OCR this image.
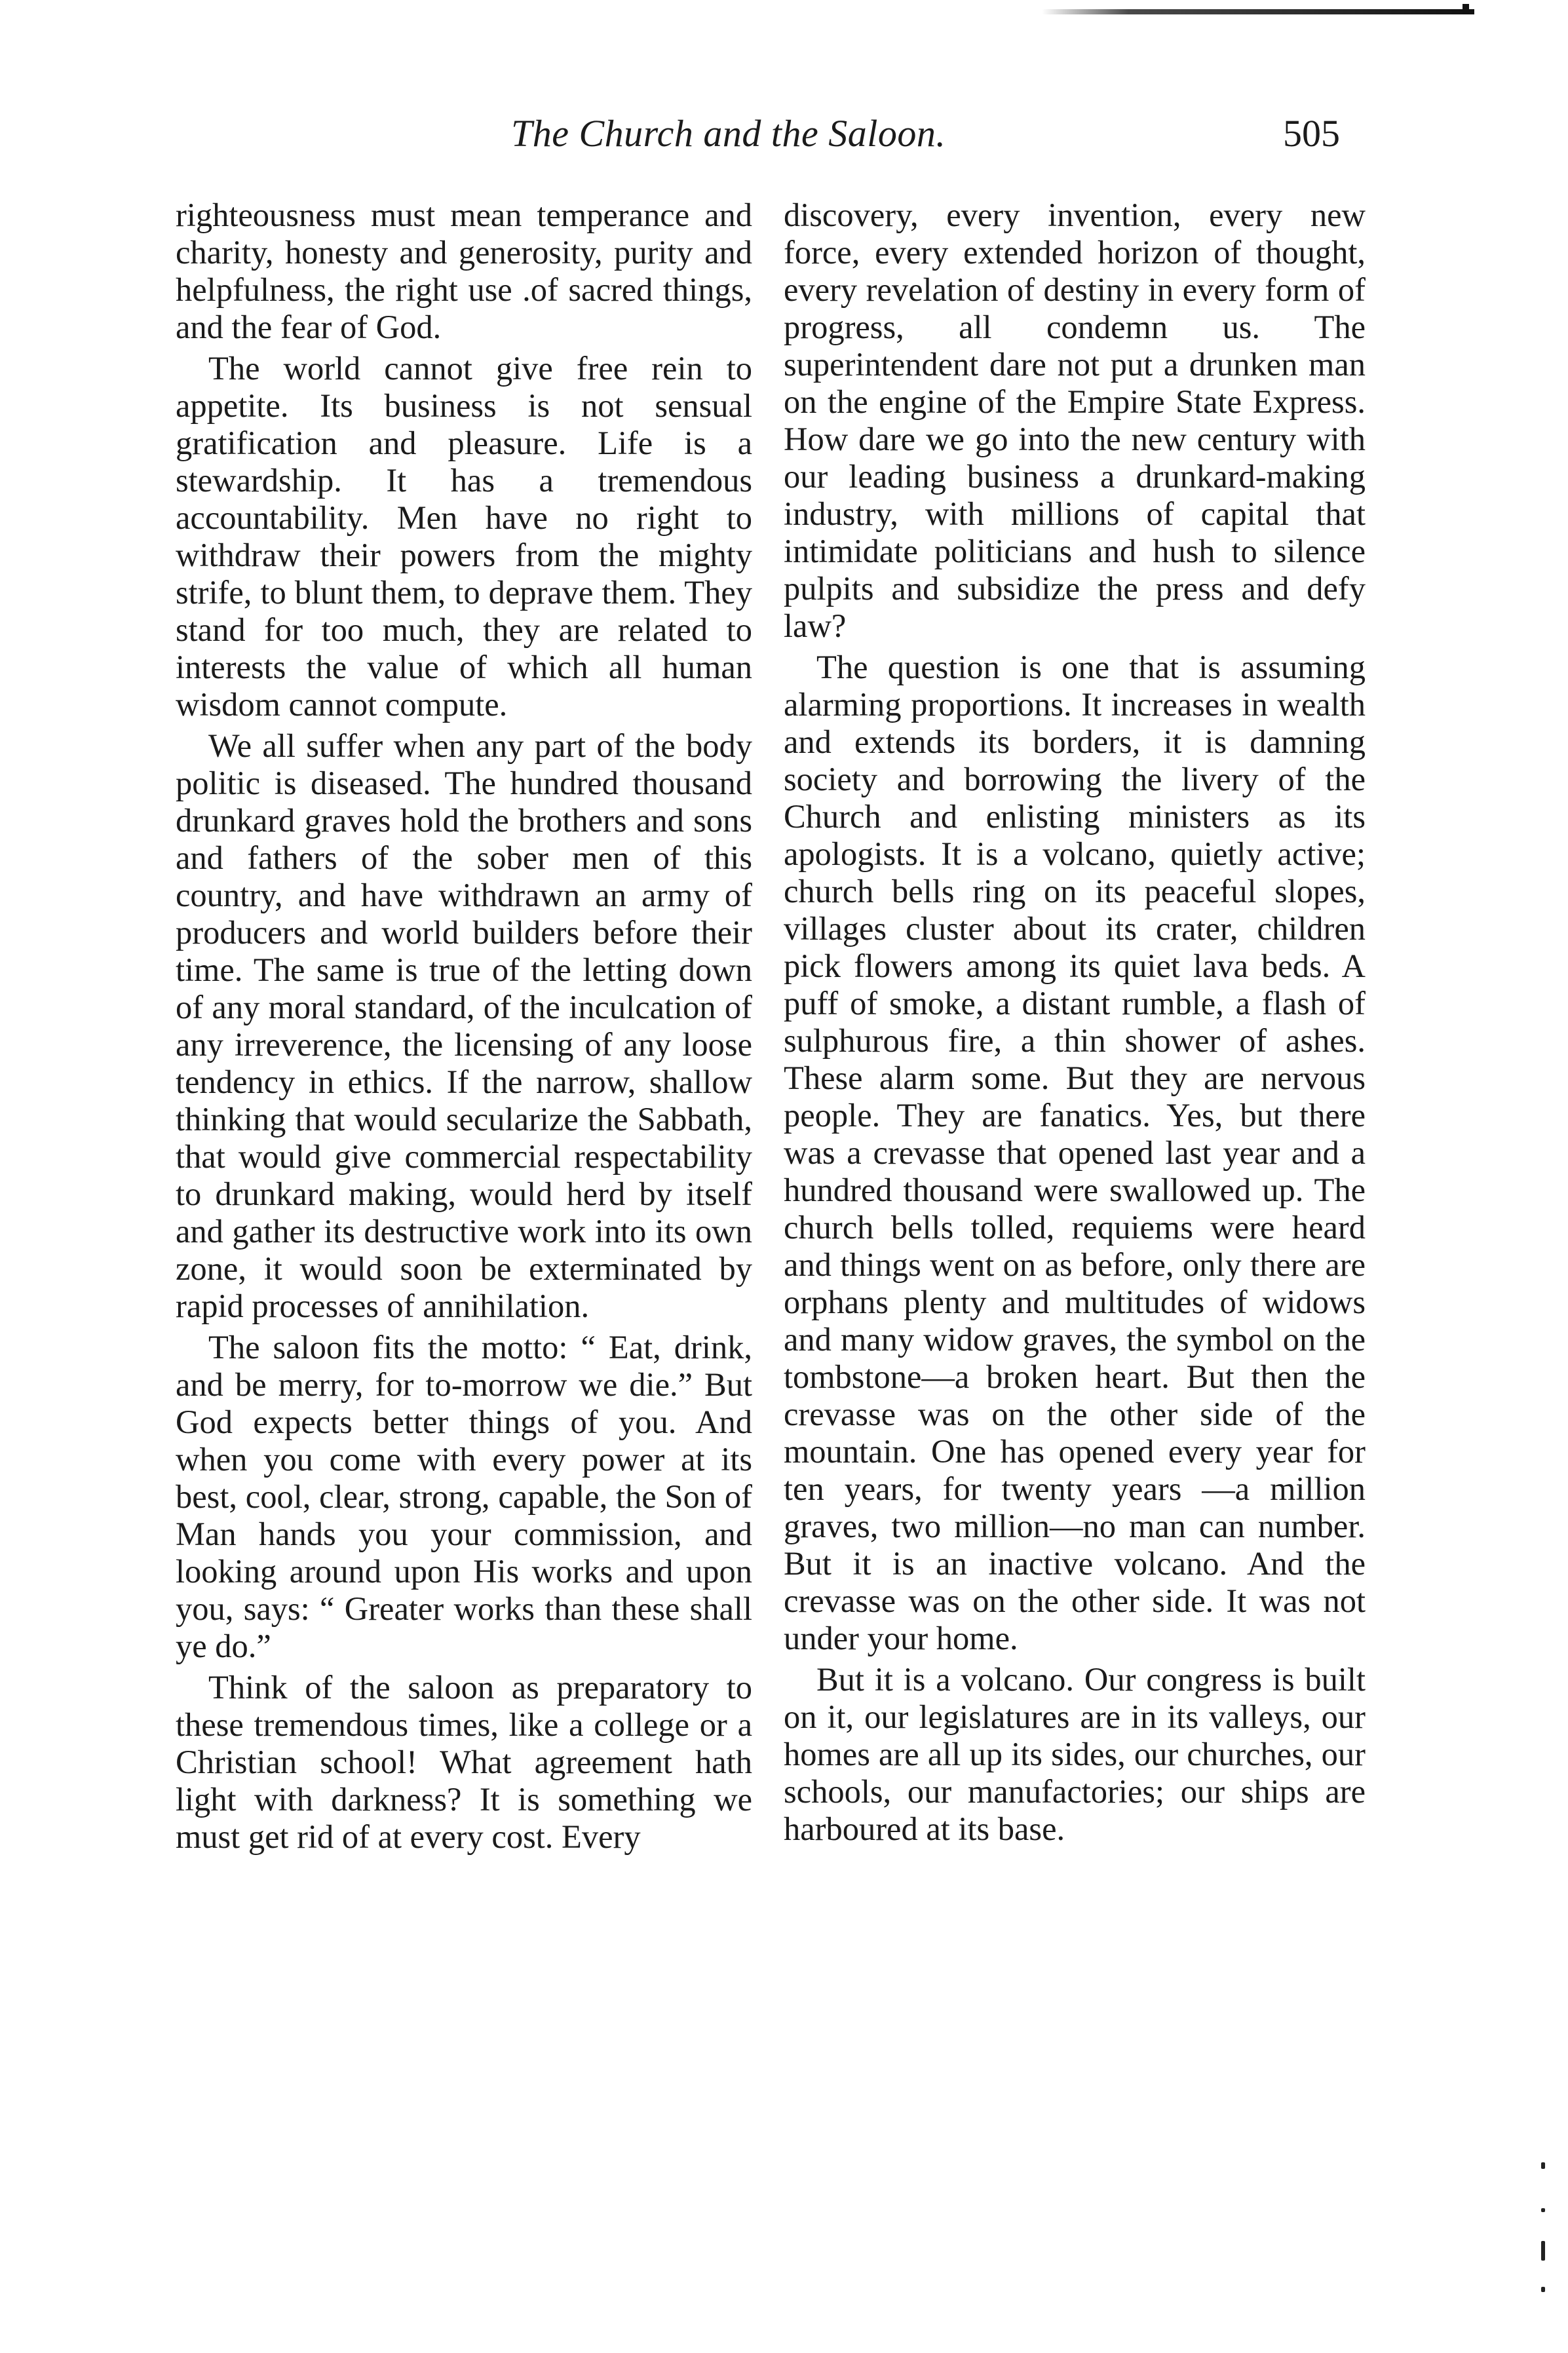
The Church and the Saloon.	505

righteousness must mean temperance and charity, honesty and generosity, purity and helpfulness, the right use .of sacred things, and the fear of God.

The world cannot give free rein to appetite. Its business is not sensual gratification and pleasure. Life is a stewardship. It has a tremendous accountability. Men have no right to withdraw their powers from the mighty strife, to blunt them, to deprave them. They stand for too much, they are related to interests the value of which all human wisdom cannot compute.

We all suffer when any part of the body politic is diseased. The hundred thousand drunkard graves hold the brothers and sons and fathers of the sober men of this country, and have withdrawn an army of producers and world builders before their time. The same is true of the letting down of any moral standard, of the inculcation of any irreverence, the licensing of any loose tendency in ethics. If the narrow, shallow thinking that would secularize the Sabbath, that would give commercial respectability to drunkard making, would herd by itself and gather its destructive work into its own zone, it would soon be exterminated by rapid processes of annihilation.

The saloon fits the motto: “ Eat, drink, and be merry, for to-morrow we die.” But God expects better things of you. And when you come with every power at its best, cool, clear, strong, capable, the Son of Man hands you your commission, and looking around upon His works and upon you, says: “ Greater works than these shall ye do.”

Think of the saloon as preparatory to these tremendous times, like a college or a Christian school! What agreement hath light with darkness? It is something we must get rid of at every cost. Every

discovery, every invention, every new force, every extended horizon of thought, every revelation of destiny in every form of progress, all condemn us. The superintendent dare not put a drunken man on the engine of the Empire State Express. How dare we go into the new century with our leading business a drunkard-making industry, with millions of capital that intimidate politicians and hush to silence pulpits and subsidize the press and defy law?

The question is one that is assuming alarming proportions. It increases in wealth and extends its borders, it is damning society and borrowing the livery of the Church and enlisting ministers as its apologists. It is a volcano, quietly active; church bells ring on its peaceful slopes, villages cluster about its crater, children pick flowers among its quiet lava beds. A puff of smoke, a distant rumble, a flash of sulphurous fire, a thin shower of ashes. These alarm some. But they are nervous people. They are fanatics. Yes, but there was a crevasse that opened last year and a hundred thousand were swallowed up. The church bells tolled, requiems were heard and things went on as before, only there are orphans plenty and multitudes of widows and many widow graves, the symbol on the tombstone—a broken heart. But then the crevasse was on the other side of the mountain. One has opened every year for ten years, for twenty years —a million graves, two million—no man can number. But it is an inactive volcano. And the crevasse was on the other side. It was not under your home.

But it is a volcano. Our congress is built on it, our legislatures are in its valleys, our homes are all up its sides, our churches, our schools, our manufactories; our ships are harboured at its base.
